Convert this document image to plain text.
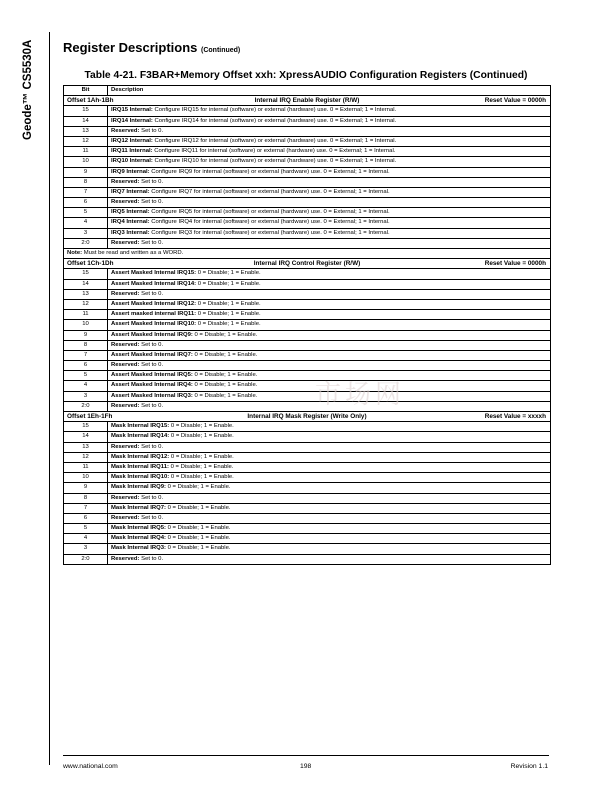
Geode™ CS5530A Register Descriptions (Continued)
Table 4-21. F3BAR+Memory Offset xxh: XpressAUDIO Configuration Registers (Continued)
Bit	Description
Offset 1Ah-1Bh	Internal IRQ Enable Register (R/W)	Reset Value = 0000h
15	IRQ15 Internal: Configure IRQ15 for internal (software) or external (hardware) use. 0 = External; 1 = Internal.
14	IRQ14 Internal: Configure IRQ14 for internal (software) or external (hardware) use. 0 = External; 1 = Internal.
13	Reserved: Set to 0.
12	IRQ12 Internal: Configure IRQ12 for internal (software) or external (hardware) use. 0 = External; 1 = Internal.
11	IRQ11 Internal: Configure IRQ11 for internal (software) or external (hardware) use. 0 = External; 1 = Internal.
10	IRQ10 Internal: Configure IRQ10 for internal (software) or external (hardware) use. 0 = External; 1 = Internal.
9	IRQ9 Internal: Configure IRQ9 for internal (software) or external (hardware) use. 0 = External; 1 = Internal.
8	Reserved: Set to 0.
7	IRQ7 Internal: Configure IRQ7 for internal (software) or external (hardware) use. 0 = External; 1 = Internal.
6	Reserved: Set to 0.
5	IRQ5 Internal: Configure IRQ5 for internal (software) or external (hardware) use. 0 = External; 1 = Internal.
4	IRQ4 Internal: Configure IRQ4 for internal (software) or external (hardware) use. 0 = External; 1 = Internal.
3	IRQ3 Internal: Configure IRQ3 for internal (software) or external (hardware) use. 0 = External; 1 = Internal.
2:0	Reserved: Set to 0.
Note: Must be read and written as a WORD.
Offset 1Ch-1Dh	Internal IRQ Control Register (R/W)	Reset Value = 0000h
15	Assert Masked Internal IRQ15: 0 = Disable; 1 = Enable.
14	Assert Masked Internal IRQ14: 0 = Disable; 1 = Enable.
13	Reserved: Set to 0.
12	Assert Masked Internal IRQ12: 0 = Disable; 1 = Enable.
11	Assert masked internal IRQ11: 0 = Disable; 1 = Enable.
10	Assert Masked Internal IRQ10: 0 = Disable; 1 = Enable.
9	Assert Masked Internal IRQ9: 0 = Disable; 1 = Enable.
8	Reserved: Set to 0.
7	Assert Masked Internal IRQ7: 0 = Disable; 1 = Enable.
6	Reserved: Set to 0.
5	Assert Masked Internal IRQ5: 0 = Disable; 1 = Enable.
4	Assert Masked Internal IRQ4: 0 = Disable; 1 = Enable.
3	Assert Masked Internal IRQ3: 0 = Disable; 1 = Enable.
2:0	Reserved: Set to 0.
Offset 1Eh-1Fh	Internal IRQ Mask Register (Write Only)	Reset Value = xxxxh
15	Mask Internal IRQ15: 0 = Disable; 1 = Enable.
14	Mask Internal IRQ14: 0 = Disable; 1 = Enable.
13	Reserved: Set to 0.
12	Mask Internal IRQ12: 0 = Disable; 1 = Enable.
11	Mask Internal IRQ11: 0 = Disable; 1 = Enable.
10	Mask Internal IRQ10: 0 = Disable; 1 = Enable.
9	Mask Internal IRQ9: 0 = Disable; 1 = Enable.
8	Reserved: Set to 0.
7	Mask Internal IRQ7: 0 = Disable; 1 = Enable.
6	Reserved: Set to 0.
5	Mask Internal IRQ5: 0 = Disable; 1 = Enable.
4	Mask Internal IRQ4: 0 = Disable; 1 = Enable.
3	Mask Internal IRQ3: 0 = Disable; 1 = Enable.
2:0	Reserved: Set to 0.
市场网
www.national.com	198	Revision 1.1
